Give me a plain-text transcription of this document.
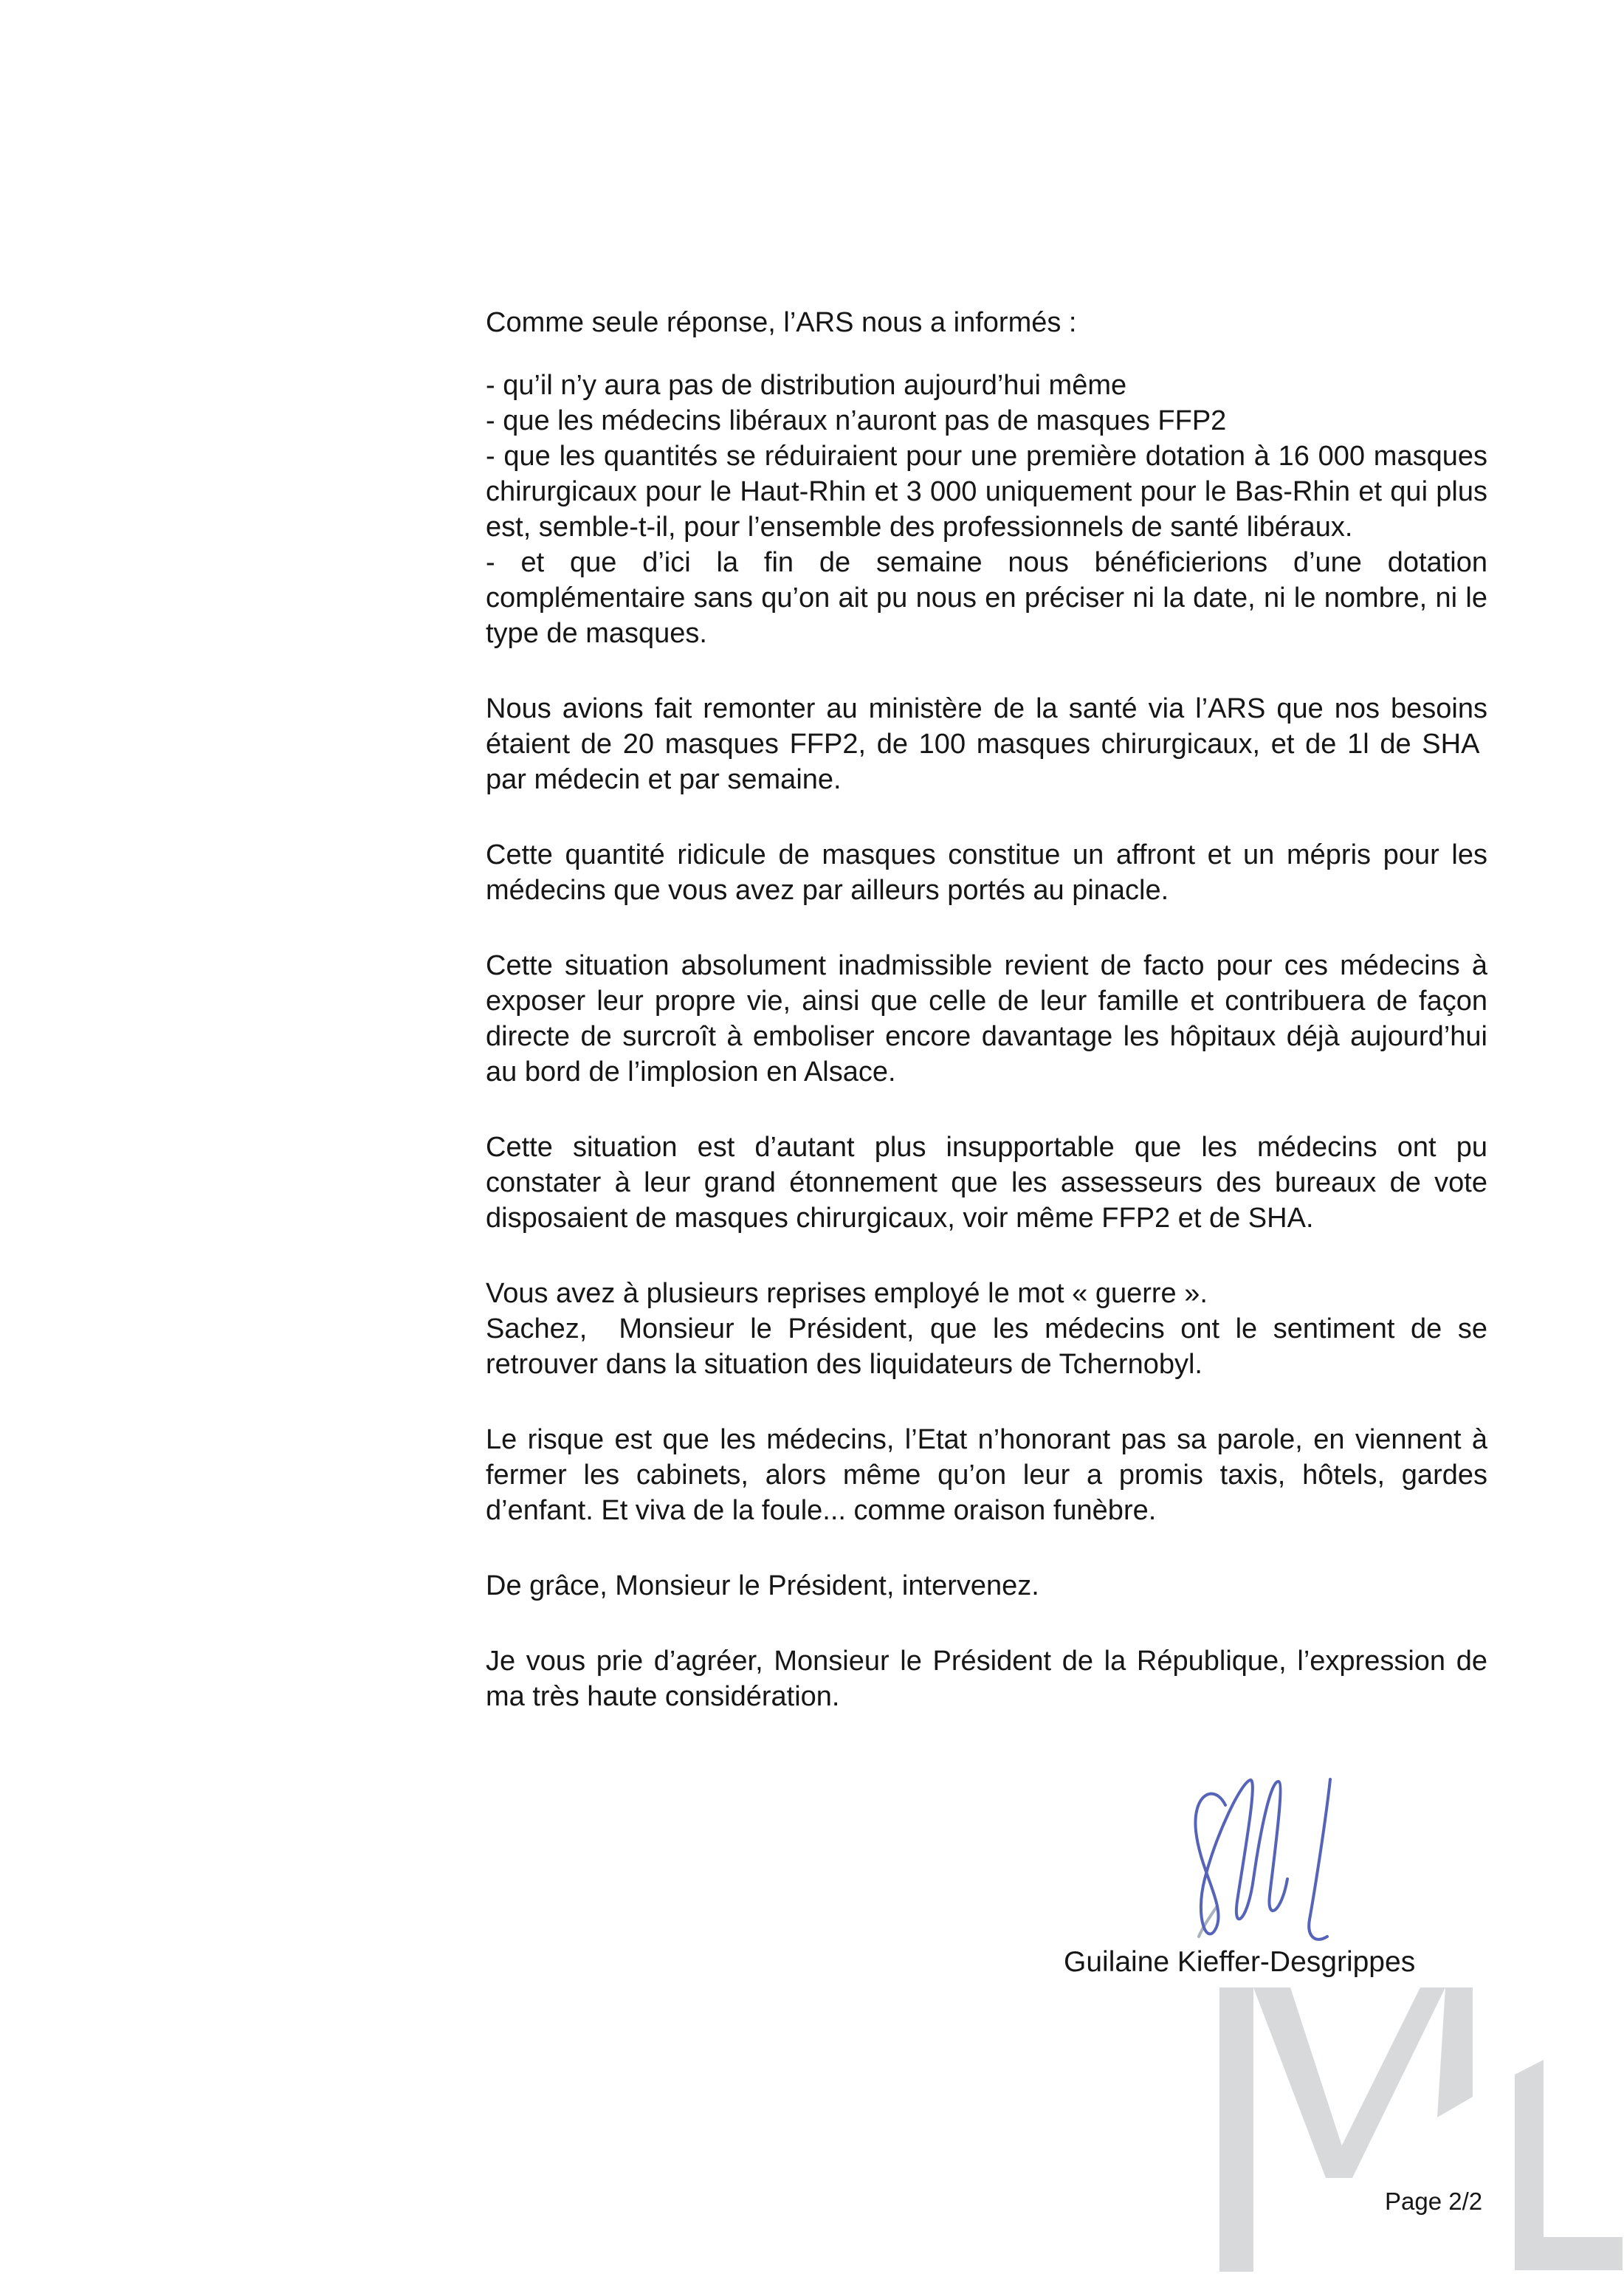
Comme seule réponse, l’ARS nous a informés :

- qu’il n’y aura pas de distribution aujourd’hui même

- que les médecins libéraux n’auront pas de masques FFP2

- que les quantités se réduiraient pour une première dotation à 16 000 masques chirurgicaux pour le Haut-Rhin et 3 000 uniquement pour le Bas-Rhin et qui plus est, semble-t-il, pour l’ensemble des professionnels de santé libéraux.

- et que d’ici la fin de semaine nous bénéficierions d’une dotation complémentaire sans qu’on ait pu nous en préciser ni la date, ni le nombre, ni le type de masques.

Nous avions fait remonter au ministère de la santé via l’ARS que nos besoins étaient de 20 masques FFP2, de 100 masques chirurgicaux, et de 1l de SHA  par médecin et par semaine.

Cette quantité ridicule de masques constitue un affront et un mépris pour les médecins que vous avez par ailleurs portés au pinacle.

Cette situation absolument inadmissible revient de facto pour ces médecins à exposer leur propre vie, ainsi que celle de leur famille et contribuera de façon directe de surcroît à emboliser encore davantage les hôpitaux déjà aujourd’hui au bord de l’implosion en Alsace.

Cette situation est d’autant plus insupportable que les médecins ont pu constater à leur grand étonnement que les assesseurs des bureaux de vote disposaient de masques chirurgicaux, voir même FFP2 et de SHA.

Vous avez à plusieurs reprises employé le mot « guerre ».

Sachez,  Monsieur le Président, que les médecins ont le sentiment de se retrouver dans la situation des liquidateurs de Tchernobyl.

Le risque est que les médecins, l’Etat n’honorant pas sa parole, en viennent à fermer les cabinets, alors même qu’on leur a promis taxis, hôtels, gardes d’enfant. Et viva de la foule... comme oraison funèbre.

De grâce, Monsieur le Président, intervenez.

Je vous prie d’agréer, Monsieur le Président de la République, l’expression de ma très haute considération.

Guilaine Kieffer-Desgrippes
Page 2/2
